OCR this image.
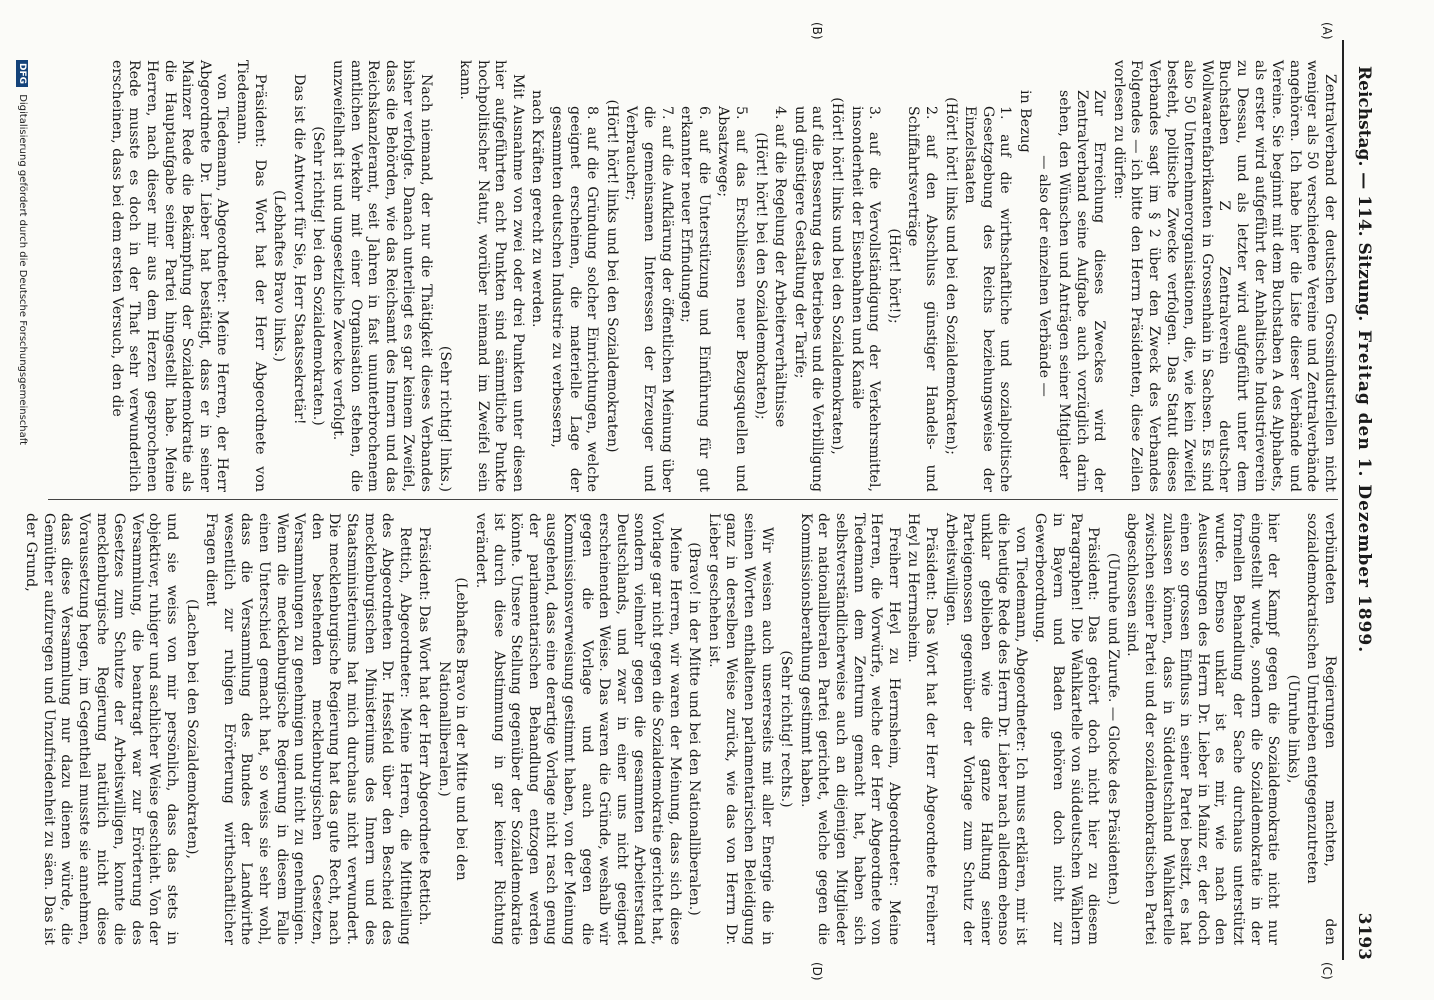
Reichstag. — 114. Sitzung.
Freitag den 1. Dezember 1899.
3193
(A)
(B)
(C)
(D)

Zentralverband der deutschen Grossindustriellen nicht weniger als 50 verschiedene Vereine und Zentralverbände angehören. Ich habe hier die Liste dieser Verbände und Vereine. Sie beginnt mit dem Buchstaben A des Alphabets, als erster wird aufgeführt der Anhaltische Industrieverein zu Dessau, und als letzter wird aufgeführt unter dem Buchstaben Z Zentralverein deutscher Wollwaarenfabrikanten in Grossenhain in Sachsen. Es sind also 50 Unternehmerorganisationen, die, wie kein Zweifel besteht, politische Zwecke verfolgen. Das Statut dieses Verbandes sagt im § 2 über den Zweck des Verbandes Folgendes — ich bitte den Herrn Präsidenten, diese Zeilen vorlesen zu dürfen:

Zur Erreichung dieses Zweckes wird der Zentralverband seine Aufgabe auch vorzüglich darin sehen, den Wünschen und Anträgen seiner Mitglieder

— also der einzelnen Verbände —

in Bezug

1. auf die wirthschaftliche und sozialpolitische Gesetzgebung des Reichs beziehungsweise der Einzelstaaten

(Hört! hört! links und bei den Sozialdemokraten);

2. auf den Abschluss günstiger Handels- und Schiffahrtsverträge

(Hört! hört!);

3. auf die Vervollständigung der Verkehrsmittel, insonderheit der Eisenbahnen und Kanäle

(Hört! hört! links und bei den Sozialdemokraten),

auf die Besserung des Betriebes und die Verbilligung und günstigere Gestaltung der Tarife;

4. auf die Regelung der Arbeiterverhältnisse

(Hört! hört! bei den Sozialdemokraten);

5. auf das Erschliessen neuer Bezugsquellen und Absatzwege;

6. auf die Unterstützung und Einführung für gut erkannter neuer Erfindungen;

7. auf die Aufklärung der öffentlichen Meinung über die gemeinsamen Interessen der Erzeuger und Verbraucher;

(Hört! hört! links und bei den Sozialdemokraten)

8. auf die Gründung solcher Einrichtungen, welche geeignet erscheinen, die materielle Lage der gesammten deutschen Industrie zu verbessern,

nach Kräften gerecht zu werden.

Mit Ausnahme von zwei oder drei Punkten unter diesen hier aufgeführten acht Punkten sind sämmtliche Punkte hochpolitischer Natur, worüber niemand im Zweifel sein kann.

(Sehr richtig! links.)

Nach niemand, der nur die Thätigkeit dieses Verbandes bisher verfolgte. Danach unterliegt es gar keinem Zweifel, dass die Behörden, wie das Reichsamt des Innern und das Reichskanzleramt, seit Jahren in fast ununterbrochenem amtlichen Verkehr mit einer Organisation stehen, die unzweifelhaft ist und ungesetzliche Zwecke verfolgt.

(Sehr richtig! bei den Sozialdemokraten.)

Das ist die Antwort für Sie, Herr Staatssekretär!

(Lebhaftes Bravo links.)

Präsident: Das Wort hat der Herr Abgeordnete von Tiedemann.

von Tiedemann, Abgeordneter: Meine Herren, der Herr Abgeordnete Dr. Lieber hat bestätigt, dass er in seiner Mainzer Rede die Bekämpfung der Sozialdemokratie als die Hauptaufgabe seiner Partei hingestellt habe. Meine Herren, nach dieser mir aus dem Herzen gesprochenen Rede musste es doch in der That sehr verwunderlich erscheinen, dass bei dem ersten Versuch, den die

verbündeten Regierungen machten, den sozialdemokratischen Umtrieben entgegenzutreten

(Unruhe links),

hier der Kampf gegen die Sozialdemokratie nicht nur eingestellt wurde, sondern die Sozialdemokratie in der formellen Behandlung der Sache durchaus unterstützt wurde. Ebenso unklar ist es mir, wie nach den Aeusserungen des Herrn Dr. Lieber in Mainz er, der doch einen so grossen Einfluss in seiner Partei besitzt, es hat zulassen können, dass in Süddeutschland Wahlkartelle zwischen seiner Partei und der sozialdemokratischen Partei abgeschlossen sind.

(Unruhe und Zurufe. — Glocke des Präsidenten.)

Präsident: Das gehört doch nicht hier zu diesem Paragraphen! Die Wahlkartelle von süddeutschen Wählern in Bayern und Baden gehören doch nicht zur Gewerbeordnung.

von Tiedemann, Abgeordneter: Ich muss erklären, mir ist die heutige Rede des Herrn Dr. Lieber nach alledem ebenso unklar geblieben wie die ganze Haltung seiner Parteigenossen gegenüber der Vorlage zum Schutz der Arbeitswilligen.

Präsident: Das Wort hat der Herr Abgeordnete Freiherr Heyl zu Herrnsheim.

Freiherr Heyl zu Herrnsheim, Abgeordneter: Meine Herren, die Vorwürfe, welche der Herr Abgeordnete von Tiedemann dem Zentrum gemacht hat, haben sich selbstverständlicherweise auch an diejenigen Mitglieder der nationalliberalen Partei gerichtet, welche gegen die Kommissionsberathung gestimmt haben.

(Sehr richtig! rechts.)

Wir weisen auch unsererseits mit aller Energie die in seinen Worten enthaltenen parlamentarischen Beleidigung ganz in derselben Weise zurück, wie das von Herrn Dr. Lieber geschehen ist.

(Bravo! in der Mitte und bei den Nationalliberalen.)

Meine Herren, wir waren der Meinung, dass sich diese Vorlage gar nicht gegen die Sozialdemokratie gerichtet hat, sondern vielmehr gegen die gesammten Arbeiterstand Deutschlands, und zwar in einer uns nicht geeignet erscheinenden Weise. Das waren die Gründe, weshalb wir gegen die Vorlage und auch gegen die Kommissionsverweisung gestimmt haben, von der Meinung ausgehend, dass eine derartige Vorlage nicht rasch genug der parlamentarischen Behandlung entzogen werden könnte. Unsere Stellung gegenüber der Sozialdemokratie ist durch diese Abstimmung in gar keiner Richtung verändert.

(Lebhaftes Bravo in der Mitte und bei den Nationalliberalen.)

Präsident: Das Wort hat der Herr Abgeordnete Rettich.

Rettich, Abgeordneter: Meine Herren, die Mittheilung des Abgeordneten Dr. Hessfeld über den Bescheid des mecklenburgischen Ministeriums des Innern und des Staatsministeriums hat mich durchaus nicht verwundert. Die mecklenburgische Regierung hat das gute Recht, nach den bestehenden mecklenburgischen Gesetzen, Versammlungen zu genehmigen und nicht zu genehmigen. Wenn die mecklenburgische Regierung in diesem Falle einen Unterschied gemacht hat, so weiss sie sehr wohl, dass die Versammlung des Bundes der Landwirthe wesentlich zur ruhigen Erörterung wirthschaftlicher Fragen dient

(Lachen bei den Sozialdemokraten),

und sie weiss von mir persönlich, dass das stets in objektiver, ruhiger und sachlicher Weise geschieht. Von der Versammlung, die beantragt war zur Erörterung des Gesetzes zum Schutze der Arbeitswilligen, konnte die mecklenburgische Regierung natürlich nicht diese Voraussetzung hegen, im Gegentheil musste sie annehmen, dass diese Versammlung nur dazu dienen würde, die Gemüther aufzuregen und Unzufriedenheit zu säen. Das ist der Grund,

DFG Digitalisierung gefördert durch die Deutsche Forschungsgemeinschaft
